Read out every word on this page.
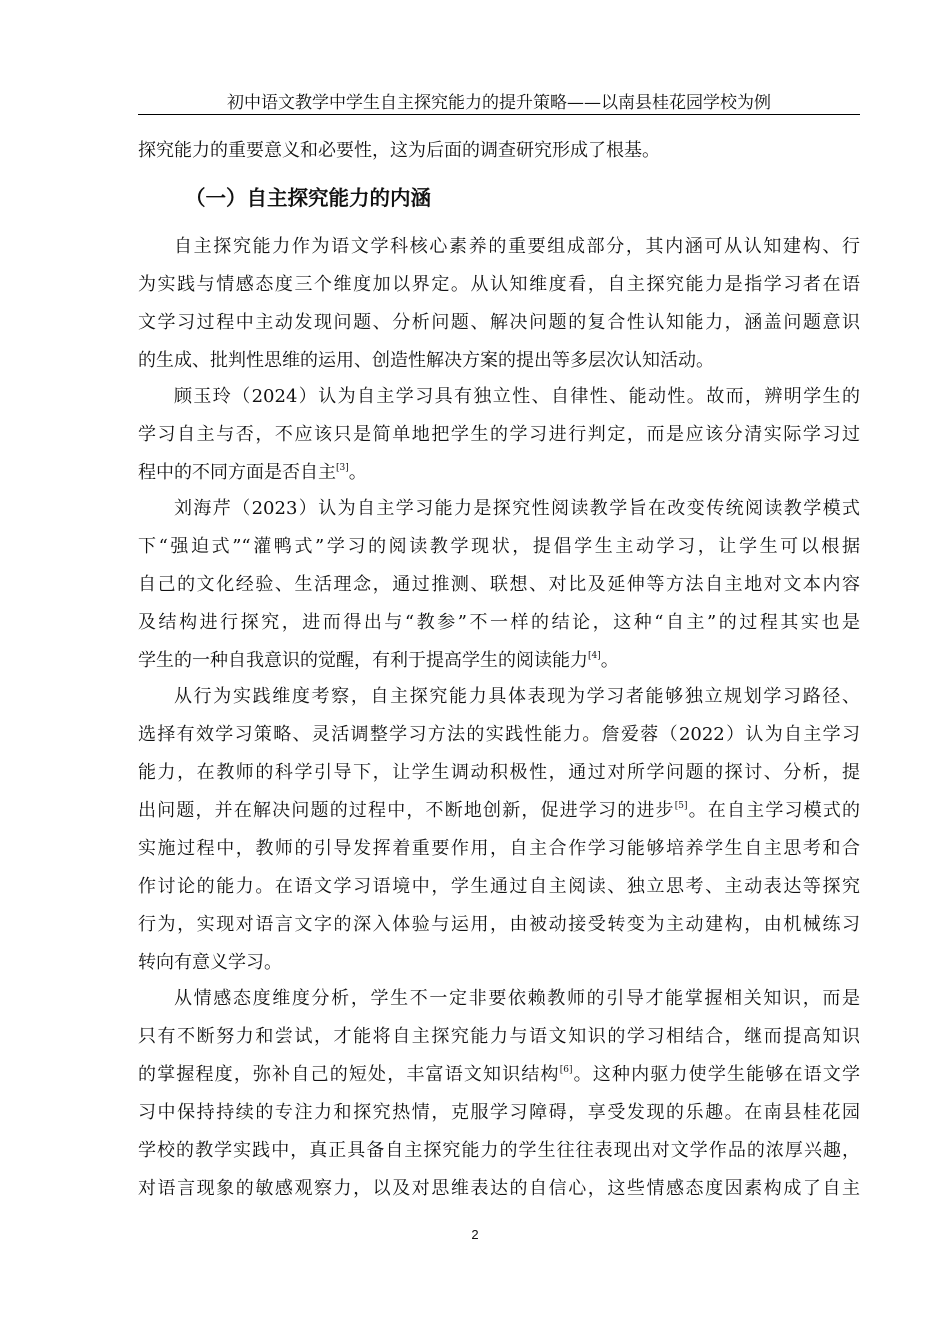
初中语文教学中学生自主探究能力的提升策略——以南县桂花园学校为例
探究能力的重要意义和必要性，这为后面的调查研究形成了根基。
（一）自主探究能力的内涵
自主探究能力作为语文学科核心素养的重要组成部分，其内涵可从认知建构、行
为实践与情感态度三个维度加以界定。从认知维度看，自主探究能力是指学习者在语
文学习过程中主动发现问题、分析问题、解决问题的复合性认知能力，涵盖问题意识
的生成、批判性思维的运用、创造性解决方案的提出等多层次认知活动。
顾玉玲（2024）认为自主学习具有独立性、自律性、能动性。故而，辨明学生的
学习自主与否，不应该只是简单地把学生的学习进行判定，而是应该分清实际学习过
程中的不同方面是否自主[3]。
刘海芹（2023）认为自主学习能力是探究性阅读教学旨在改变传统阅读教学模式
下“强迫式”“灌鸭式”学习的阅读教学现状，提倡学生主动学习，让学生可以根据
自己的文化经验、生活理念，通过推测、联想、对比及延伸等方法自主地对文本内容
及结构进行探究，进而得出与“教参”不一样的结论，这种“自主”的过程其实也是
学生的一种自我意识的觉醒，有利于提高学生的阅读能力[4]。
从行为实践维度考察，自主探究能力具体表现为学习者能够独立规划学习路径、
选择有效学习策略、灵活调整学习方法的实践性能力。詹爱蓉（2022）认为自主学习
能力，在教师的科学引导下，让学生调动积极性，通过对所学问题的探讨、分析，提
出问题，并在解决问题的过程中，不断地创新，促进学习的进步[5]。在自主学习模式的
实施过程中，教师的引导发挥着重要作用，自主合作学习能够培养学生自主思考和合
作讨论的能力。在语文学习语境中，学生通过自主阅读、独立思考、主动表达等探究
行为，实现对语言文字的深入体验与运用，由被动接受转变为主动建构，由机械练习
转向有意义学习。
从情感态度维度分析，学生不一定非要依赖教师的引导才能掌握相关知识，而是
只有不断努力和尝试，才能将自主探究能力与语文知识的学习相结合，继而提高知识
的掌握程度，弥补自己的短处，丰富语文知识结构[6]。这种内驱力使学生能够在语文学
习中保持持续的专注力和探究热情，克服学习障碍，享受发现的乐趣。在南县桂花园
学校的教学实践中，真正具备自主探究能力的学生往往表现出对文学作品的浓厚兴趣，
对语言现象的敏感观察力，以及对思维表达的自信心，这些情感态度因素构成了自主
2
